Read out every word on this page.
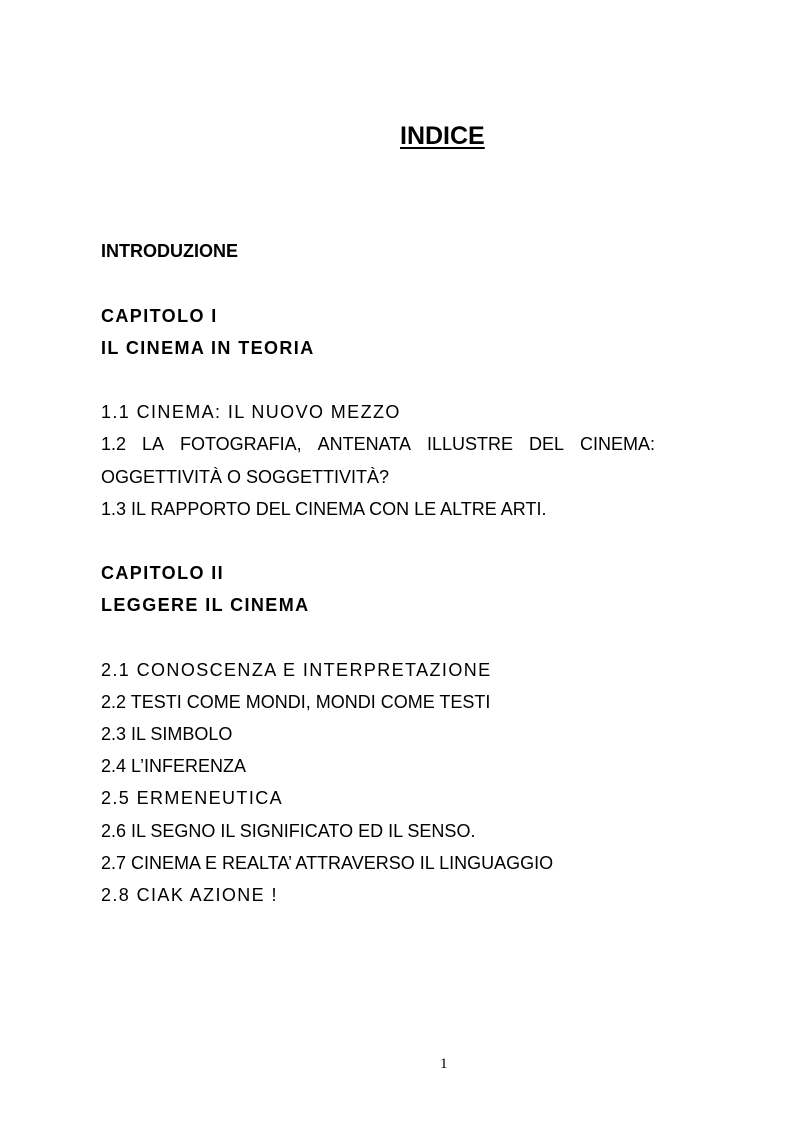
INDICE
INTRODUZIONE
CAPITOLO I
IL CINEMA IN TEORIA
1.1 CINEMA: IL NUOVO MEZZO
1.2 LA FOTOGRAFIA, ANTENATA ILLUSTRE DEL CINEMA:
OGGETTIVITÀ O SOGGETTIVITÀ?
1.3 IL RAPPORTO DEL CINEMA CON LE ALTRE ARTI.
CAPITOLO II
LEGGERE IL CINEMA
2.1 CONOSCENZA E INTERPRETAZIONE
2.2 TESTI COME MONDI, MONDI COME TESTI
2.3 IL SIMBOLO
2.4 L’INFERENZA
2.5 ERMENEUTICA
2.6 IL SEGNO IL SIGNIFICATO ED IL SENSO.
2.7 CINEMA E REALTA’ ATTRAVERSO IL LINGUAGGIO
2.8 CIAK AZIONE !
1
